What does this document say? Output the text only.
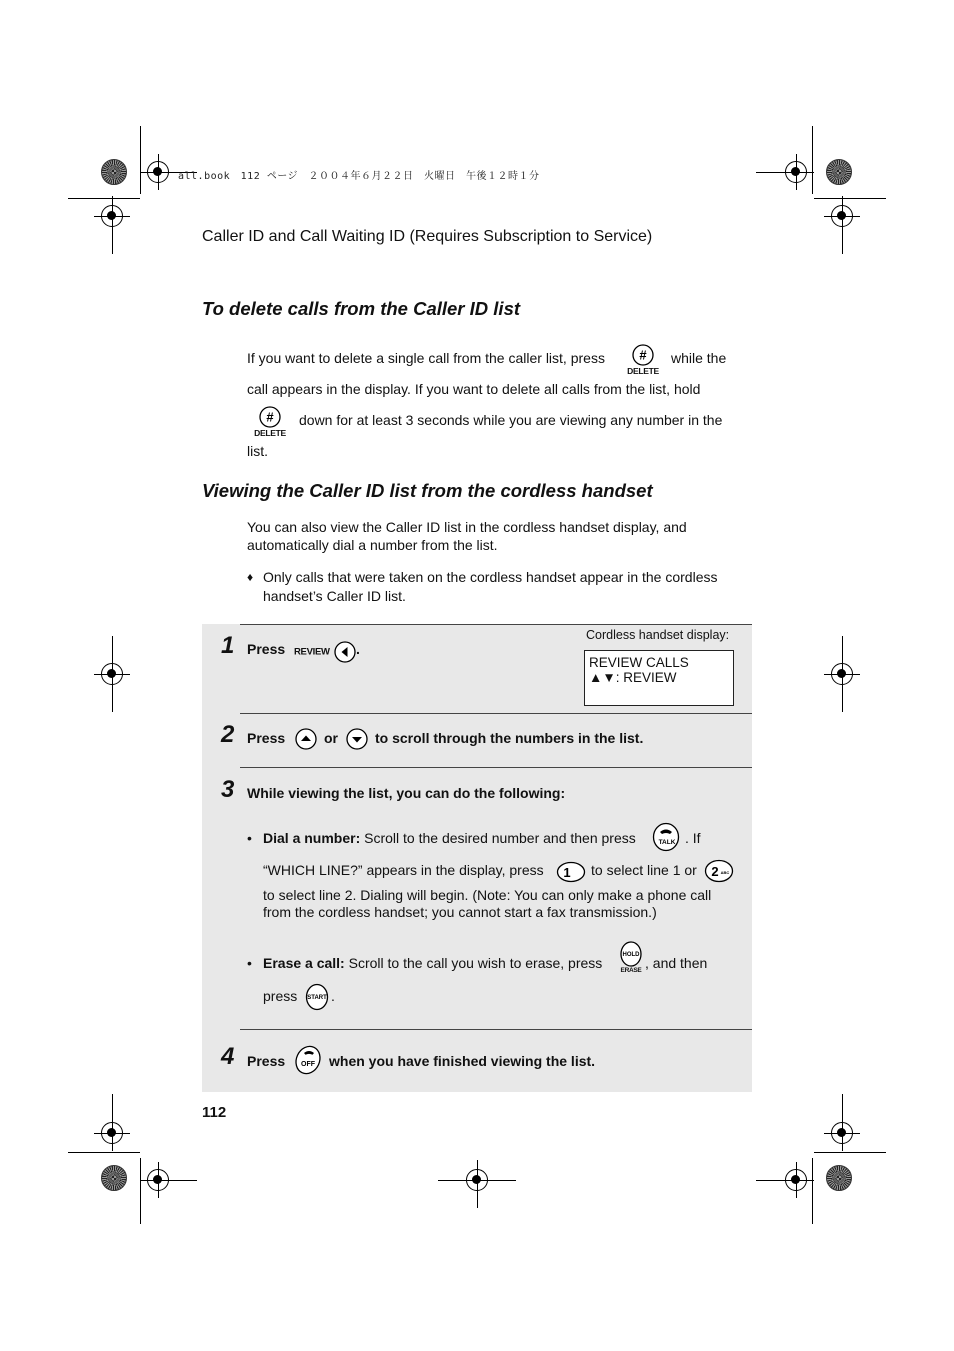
all.book　112 ページ　２００４年６月２２日　火曜日　午後１２時１分
Caller ID and Call Waiting ID (Requires Subscription to Service)
To delete calls from the Caller ID list
If you want to delete a single call from the caller list, press	#
DELETE
while the
call appears in the display. If you want to delete all calls from the list, hold
#
DELETE
down for at least 3 seconds while you are viewing any number in the
list.
Viewing the Caller ID list from the cordless handset
You can also view the Caller ID list in the cordless handset display, and
automatically dial a number from the list.
♦ Only calls that were taken on the cordless handset appear in the cordless
handset’s Caller ID list.
1 Press REVIEW	.
Cordless handset display:
REVIEW CALLS
▲▼: REVIEW
2 Press	or	to scroll through the numbers in the list.
3 While viewing the list, you can do the following:
• Dial a number: Scroll to the desired number and then press	TALK . If
“WHICH LINE?” appears in the display, press 1 to select line 1 or 2 ABC
to select line 2. Dialing will begin. (Note: You can only make a phone call
from the cordless handset; you cannot start a fax transmission.)
• Erase a call: Scroll to the call you wish to erase, press	HOLD
ERASE , and then
press START .
4 Press OFF when you have finished viewing the list.
112
